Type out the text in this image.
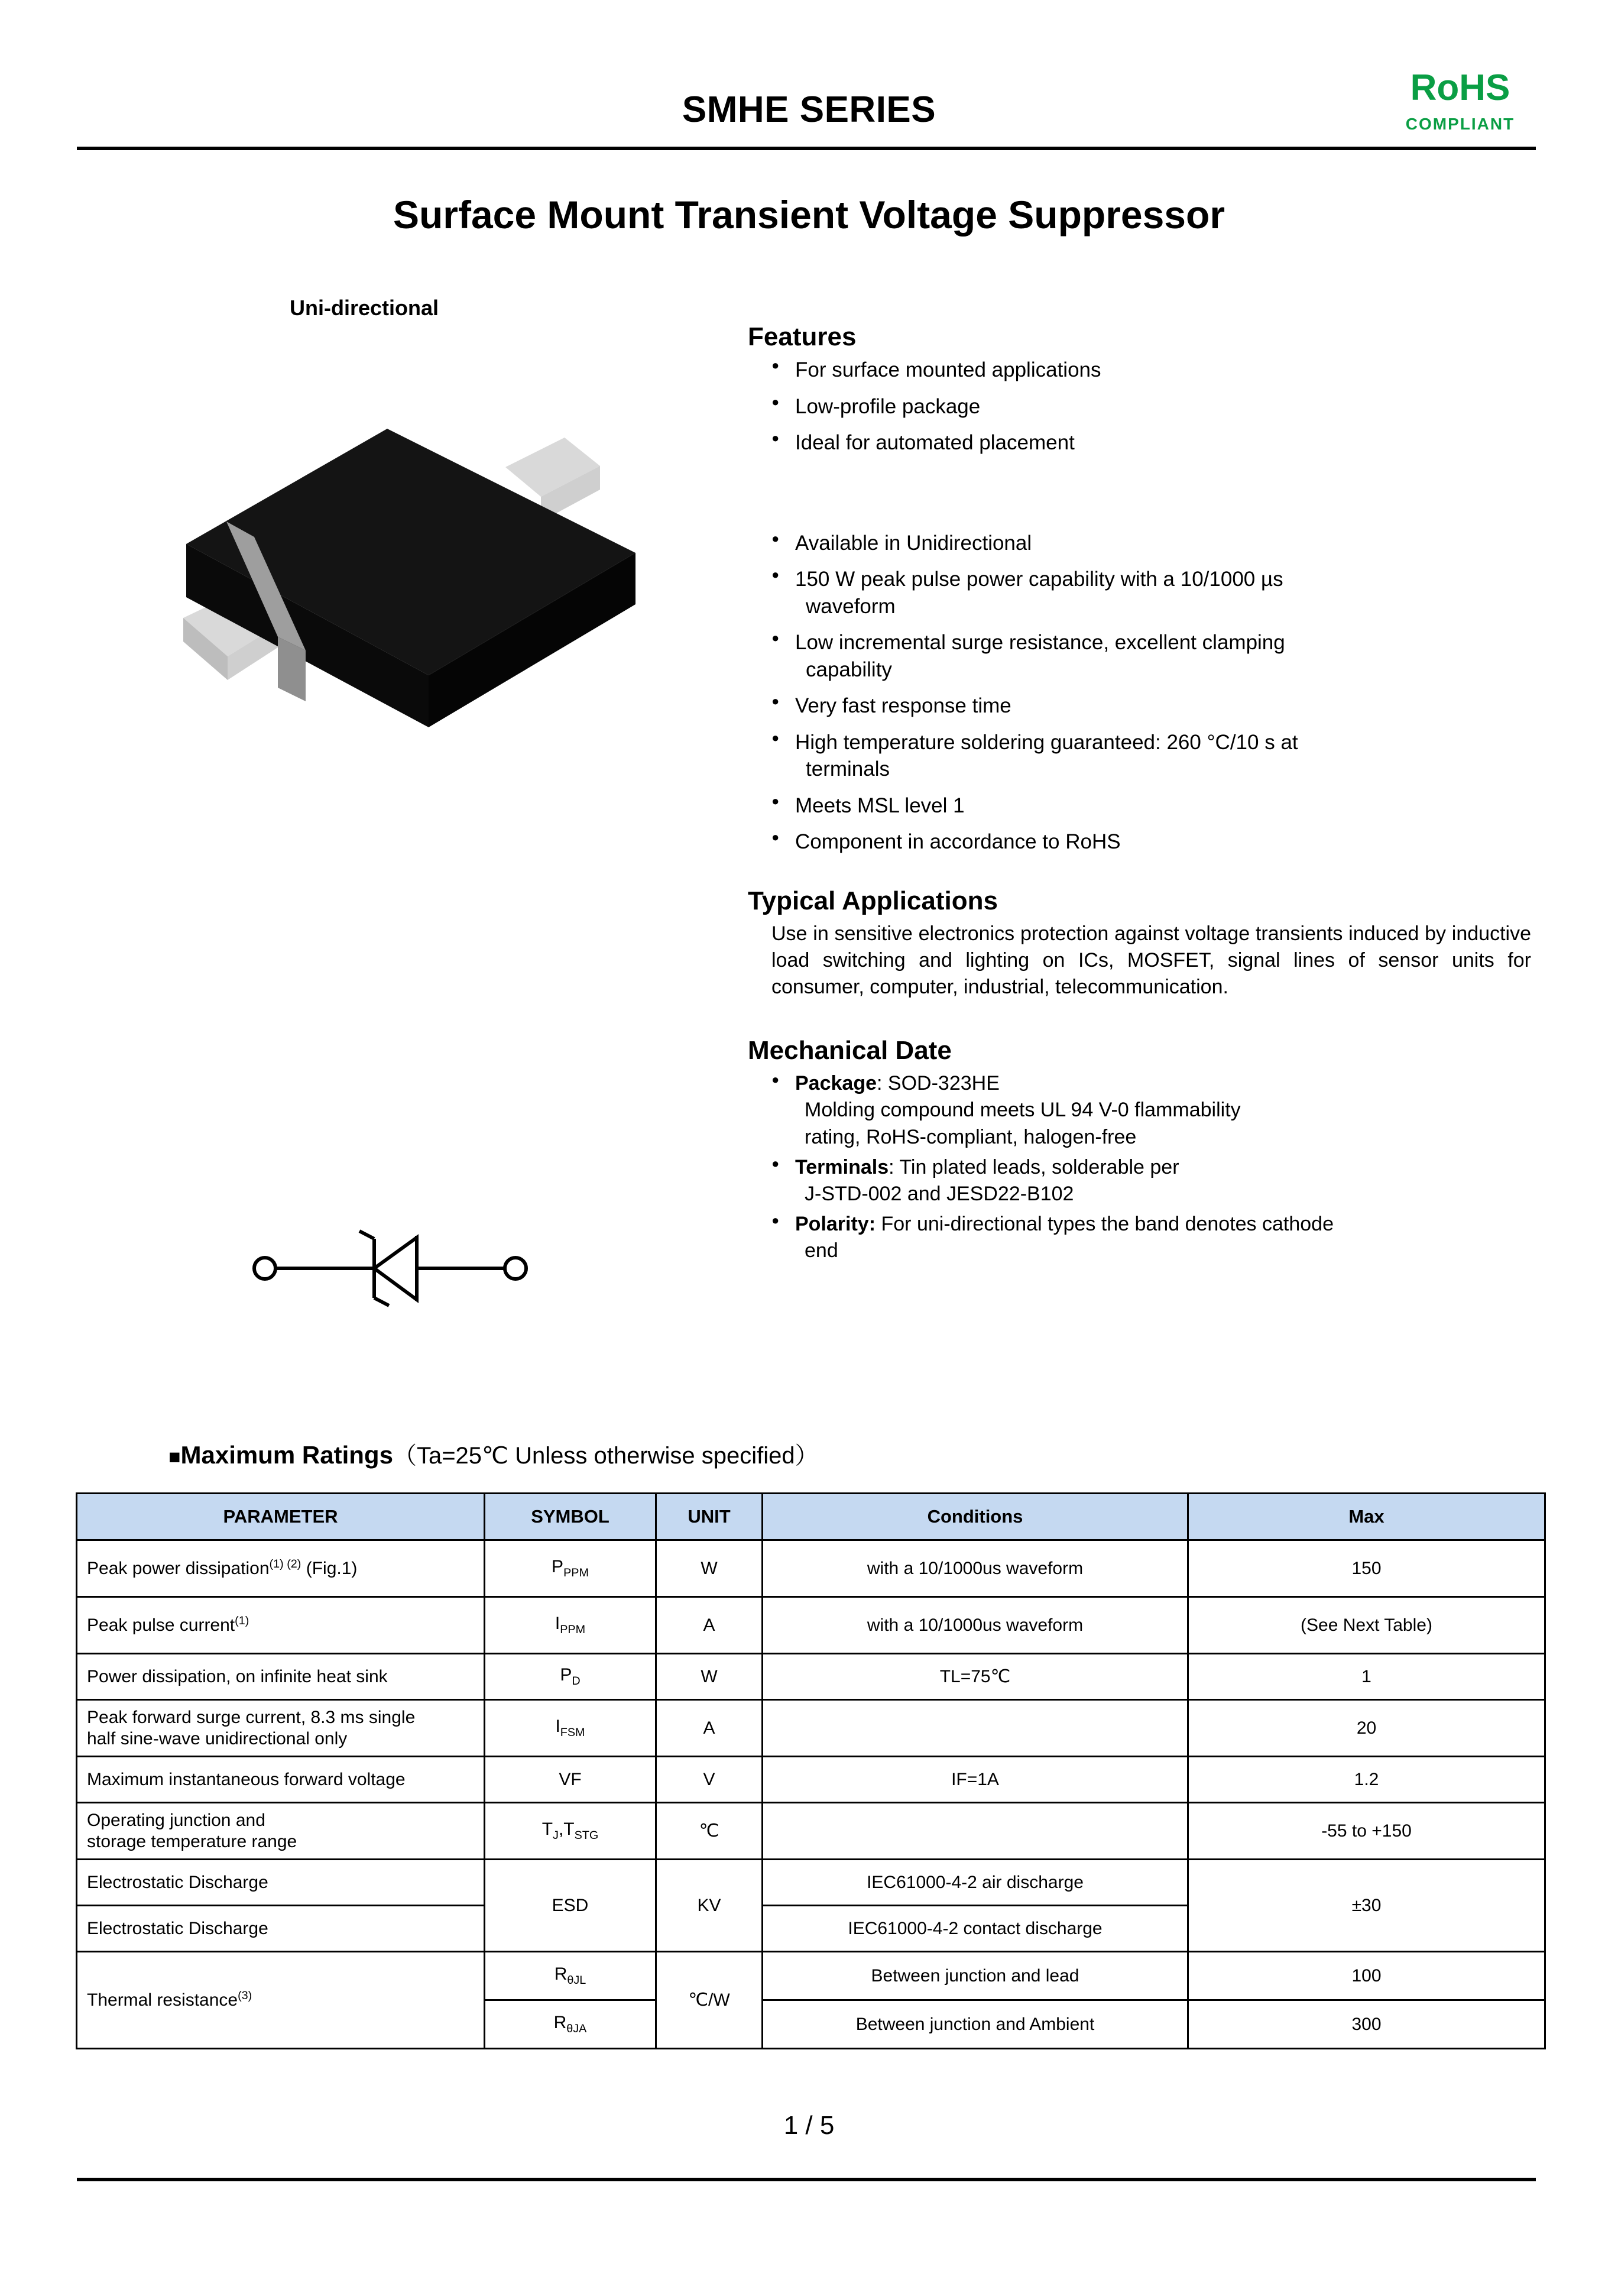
SMHE SERIES
RoHS
COMPLIANT
Surface Mount Transient Voltage Suppressor
Uni-directional
Features
● For surface mounted applications
● Low-profile package
● Ideal for automated placement
● Available in Unidirectional
● 150 W peak pulse power capability with a 10/1000 µs
waveform
● Low incremental surge resistance, excellent clamping
capability
● Very fast response time
● High temperature soldering guaranteed: 260 °C/10 s at
terminals
● Meets MSL level 1
● Component in accordance to RoHS
Typical Applications
Use in sensitive electronics protection against voltage transients induced by inductive load switching and lighting on ICs, MOSFET, signal lines of sensor units for consumer, computer, industrial, telecommunication.
Mechanical Date
● Package: SOD-323HE
Molding compound meets UL 94 V-0 flammability
rating, RoHS-compliant, halogen-free
● Terminals: Tin plated leads, solderable per
J-STD-002 and JESD22-B102
● Polarity: For uni-directional types the band denotes cathode
end
■Maximum Ratings（Ta=25℃ Unless otherwise specified）
PARAMETER	SYMBOL	UNIT	Conditions	Max
Peak power dissipation$^{(1) (2)}$ (Fig.1)	$P_{PPM}$	W	with a 10/1000us waveform	150
Peak pulse current$^{(1)}$	$I_{PPM}$	A	with a 10/1000us waveform	(See Next Table)
Power dissipation, on infinite heat sink	$P_D$	W	TL=75℃	1
Peak forward surge current, 8.3 ms single
half sine-wave unidirectional only	$I_{FSM}$	A		20
Maximum instantaneous forward voltage	VF	V	IF=1A	1.2
Operating junction and
storage temperature range	$T_J,T_{STG}$	℃		-55 to +150
Electrostatic Discharge	ESD	KV	IEC61000-4-2 air discharge	±30
Electrostatic Discharge			IEC61000-4-2 contact discharge	
Thermal resistance$^{(3)}$	$R_{\theta JL}$	℃/W	Between junction and lead	100
	$R_{\theta JA}$		Between junction and Ambient	300
1 / 5
